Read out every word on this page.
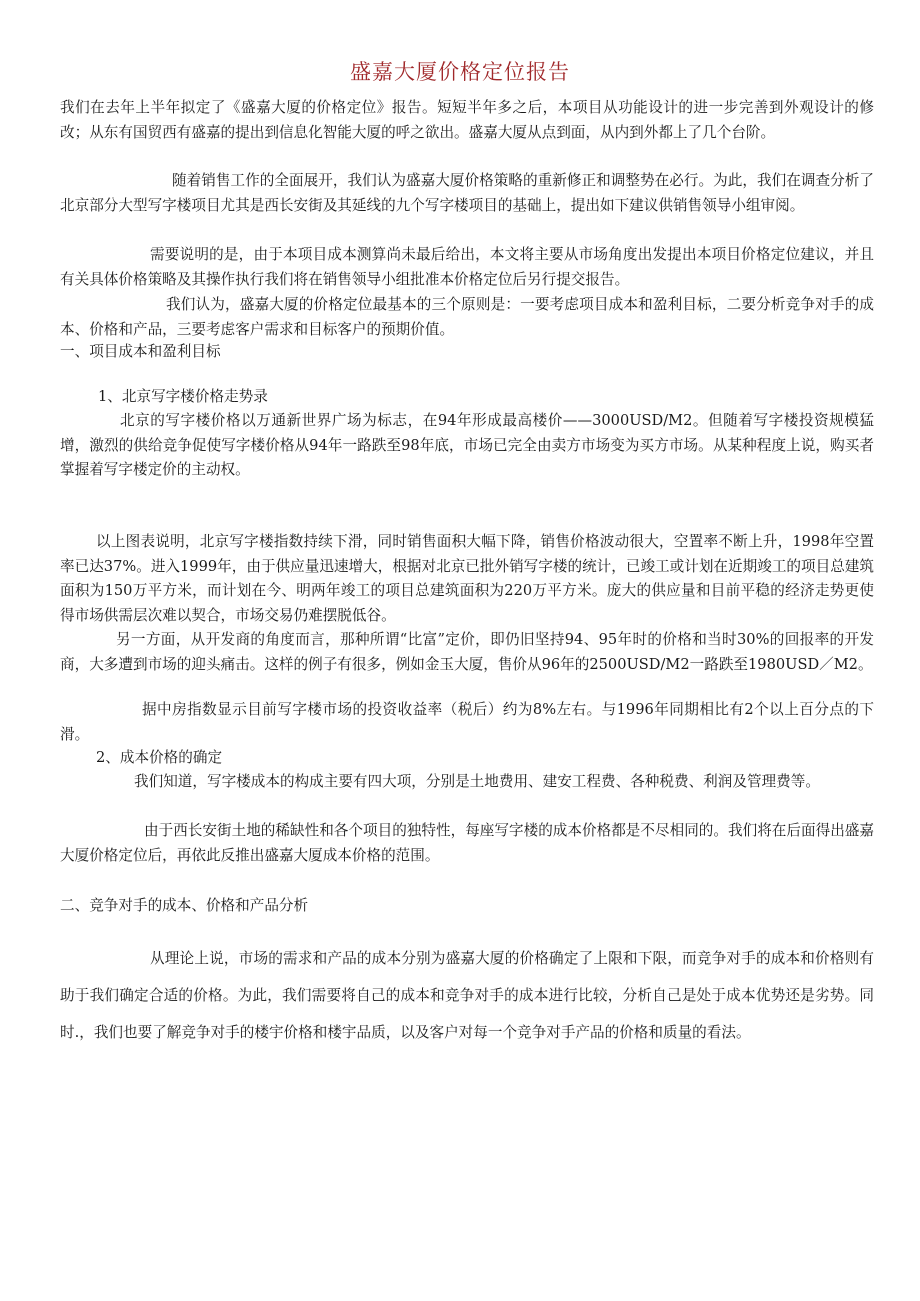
盛嘉大厦价格定位报告

我们在去年上半年拟定了《盛嘉大厦的价格定位》报告。短短半年多之后，本项目从功能设计的进一步完善到外观设计的修改；从东有国贸西有盛嘉的提出到信息化智能大厦的呼之欲出。盛嘉大厦从点到面，从内到外都上了几个台阶。

随着销售工作的全面展开，我们认为盛嘉大厦价格策略的重新修正和调整势在必行。为此，我们在调查分析了北京部分大型写字楼项目尤其是西长安街及其延线的九个写字楼项目的基础上，提出如下建议供销售领导小组审阅。

需要说明的是，由于本项目成本测算尚未最后给出，本文将主要从市场角度出发提出本项目价格定位建议，并且有关具体价格策略及其操作执行我们将在销售领导小组批准本价格定位后另行提交报告。

我们认为，盛嘉大厦的价格定位最基本的三个原则是：一要考虑项目成本和盈利目标，二要分析竞争对手的成本、价格和产品，三要考虑客户需求和目标客户的预期价值。

一、项目成本和盈利目标

1、北京写字楼价格走势录

北京的写字楼价格以万通新世界广场为标志，在94年形成最高楼价——3000USD/M2。但随着写字楼投资规模猛增，激烈的供给竞争促使写字楼价格从94年一路跌至98年底，市场已完全由卖方市场变为买方市场。从某种程度上说，购买者掌握着写字楼定价的主动权。

以上图表说明，北京写字楼指数持续下滑，同时销售面积大幅下降，销售价格波动很大，空置率不断上升，1998年空置率已达37%。进入1999年，由于供应量迅速增大，根据对北京已批外销写字楼的统计，已竣工或计划在近期竣工的项目总建筑面积为150万平方米，而计划在今、明两年竣工的项目总建筑面积为220万平方米。庞大的供应量和目前平稳的经济走势更使得市场供需层次难以契合，市场交易仍难摆脱低谷。

另一方面，从开发商的角度而言，那种所谓“比富”定价，即仍旧坚持94、95年时的价格和当时30%的回报率的开发商，大多遭到市场的迎头痛击。这样的例子有很多，例如金玉大厦，售价从96年的2500USD/M2一路跌至1980USD／M2。

据中房指数显示目前写字楼市场的投资收益率（税后）约为8%左右。与1996年同期相比有2个以上百分点的下滑。

2、成本价格的确定

我们知道，写字楼成本的构成主要有四大项，分别是土地费用、建安工程费、各种税费、利润及管理费等。

由于西长安街土地的稀缺性和各个项目的独特性，每座写字楼的成本价格都是不尽相同的。我们将在后面得出盛嘉大厦价格定位后，再依此反推出盛嘉大厦成本价格的范围。

二、竞争对手的成本、价格和产品分析

从理论上说，市场的需求和产品的成本分别为盛嘉大厦的价格确定了上限和下限，而竞争对手的成本和价格则有助于我们确定合适的价格。为此，我们需要将自己的成本和竞争对手的成本进行比较，分析自己是处于成本优势还是劣势。同时.，我们也要了解竞争对手的楼宇价格和楼宇品质，以及客户对每一个竞争对手产品的价格和质量的看法。
